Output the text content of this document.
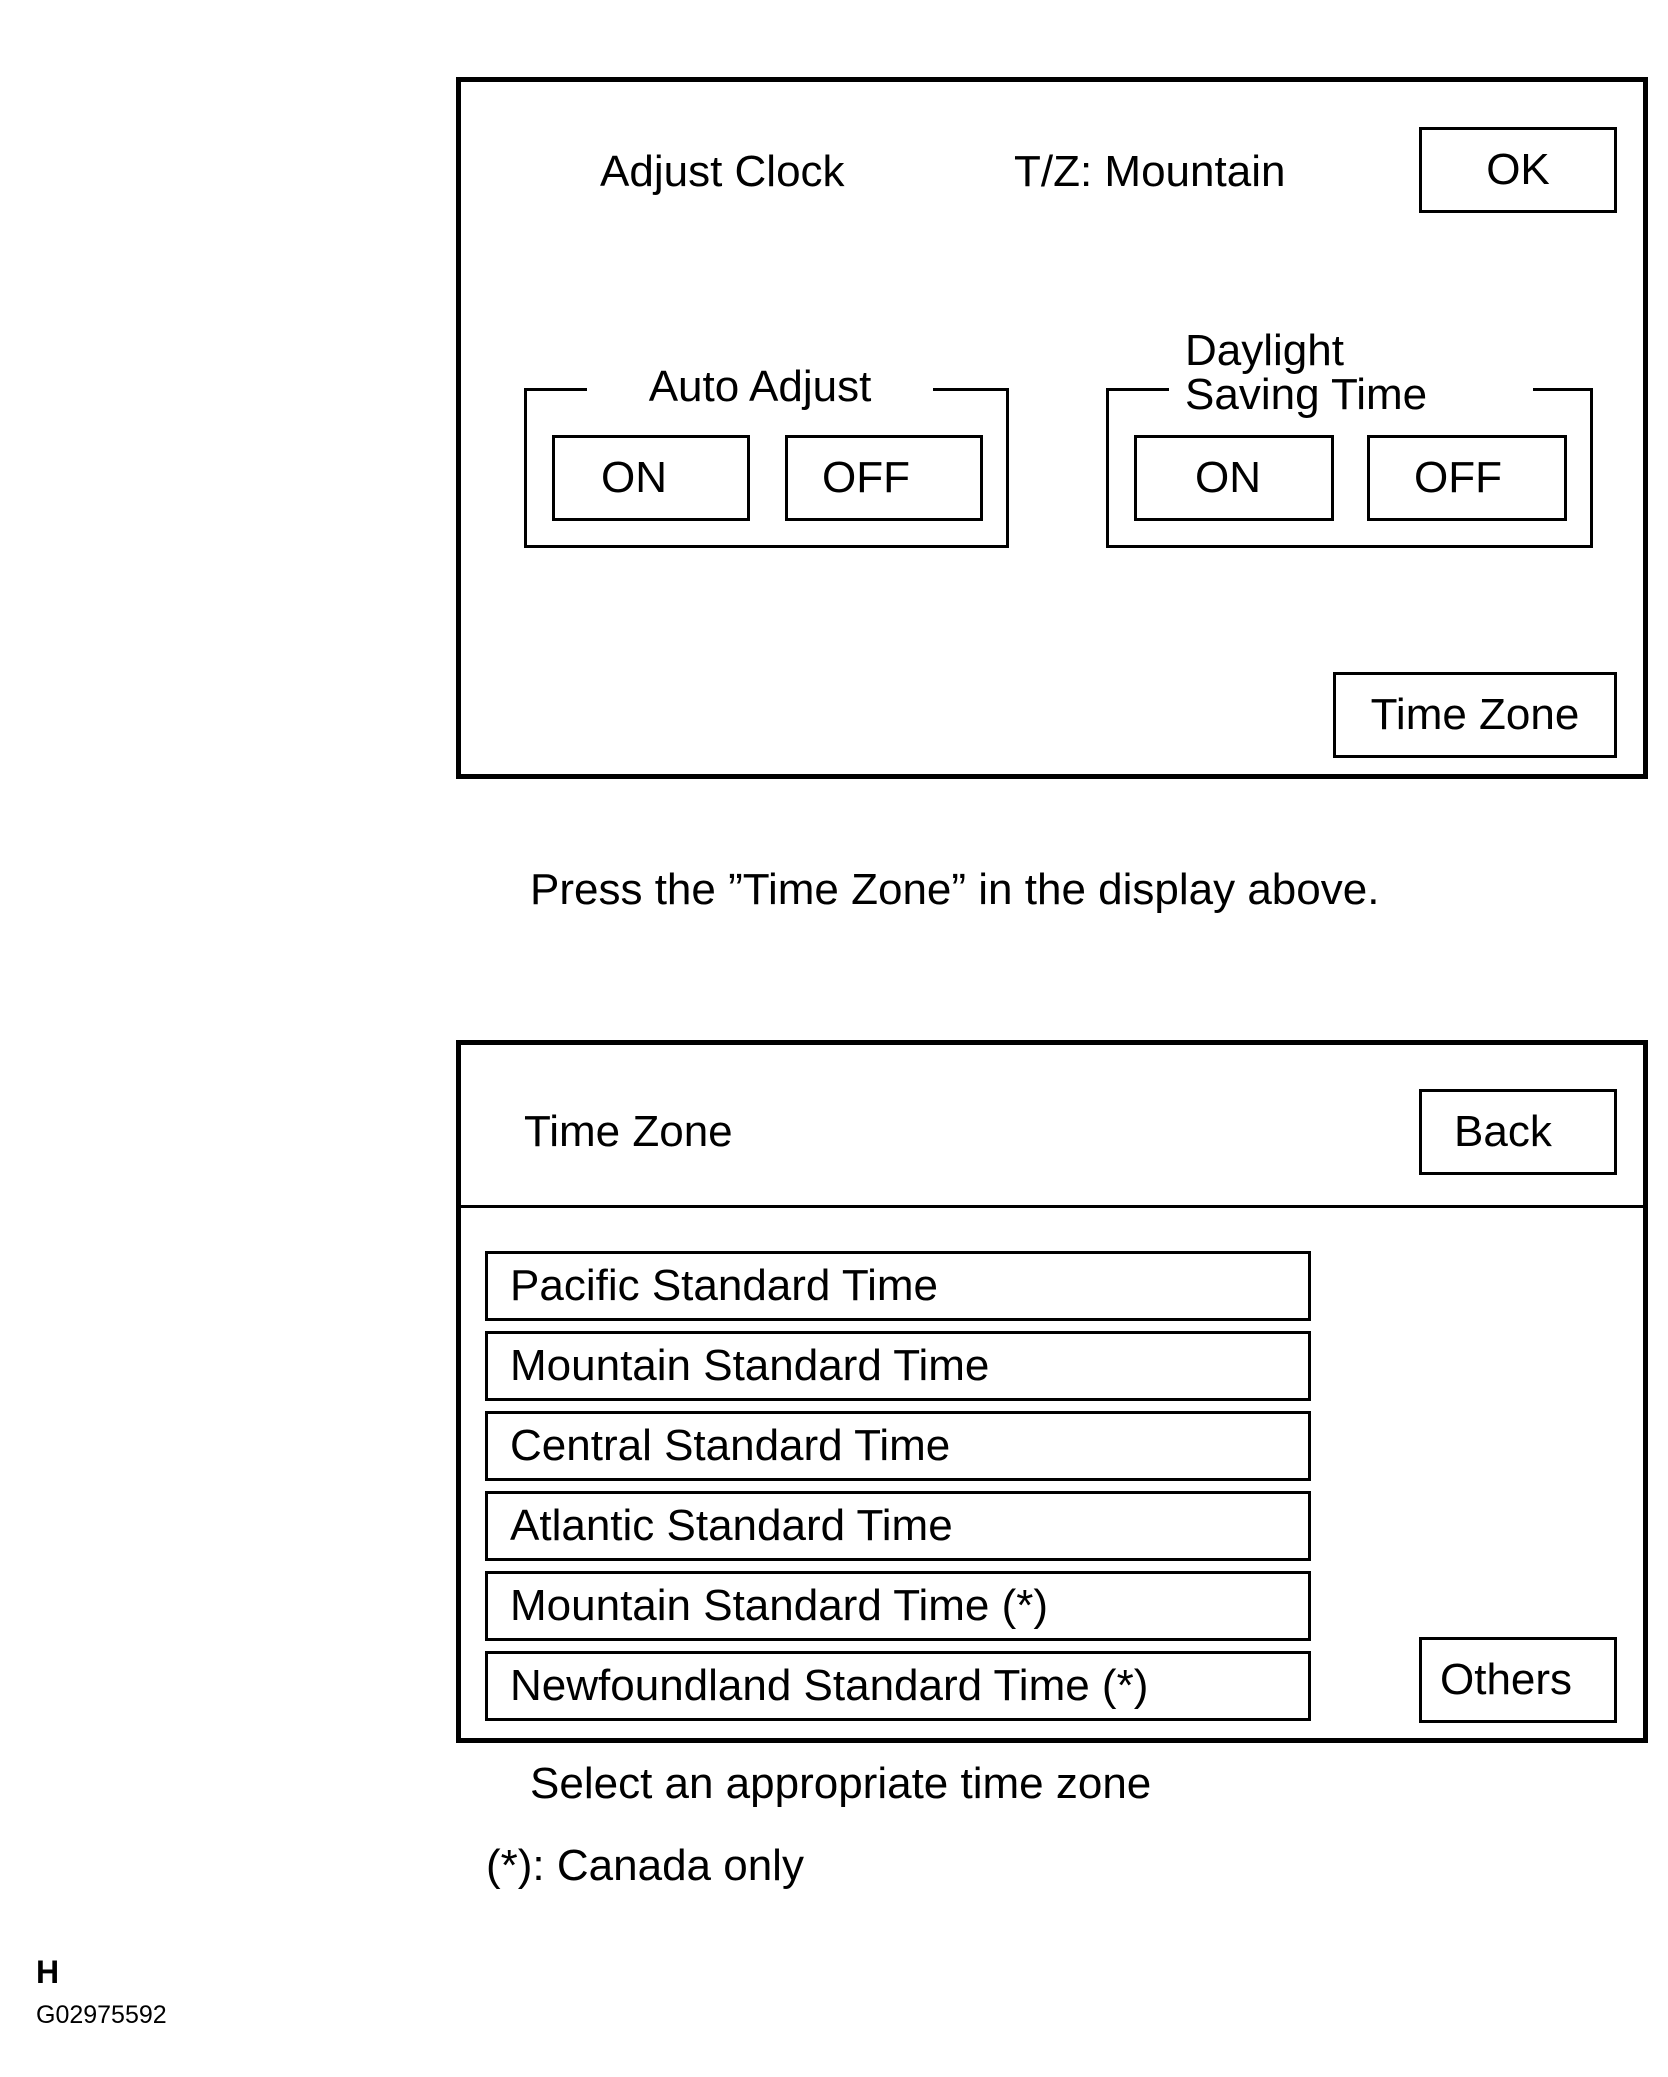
Adjust Clock	T/Z: Mountain	OK
Auto Adjust
ON	OFF
Daylight
Saving Time
ON	OFF
Time Zone
Press the ”Time Zone” in the display above.
Time Zone	Back
Pacific Standard Time
Mountain Standard Time
Central Standard Time
Atlantic Standard Time
Mountain Standard Time (*)
Newfoundland Standard Time (*)	Others
Select an appropriate time zone
(*): Canada only
H
G02975592
